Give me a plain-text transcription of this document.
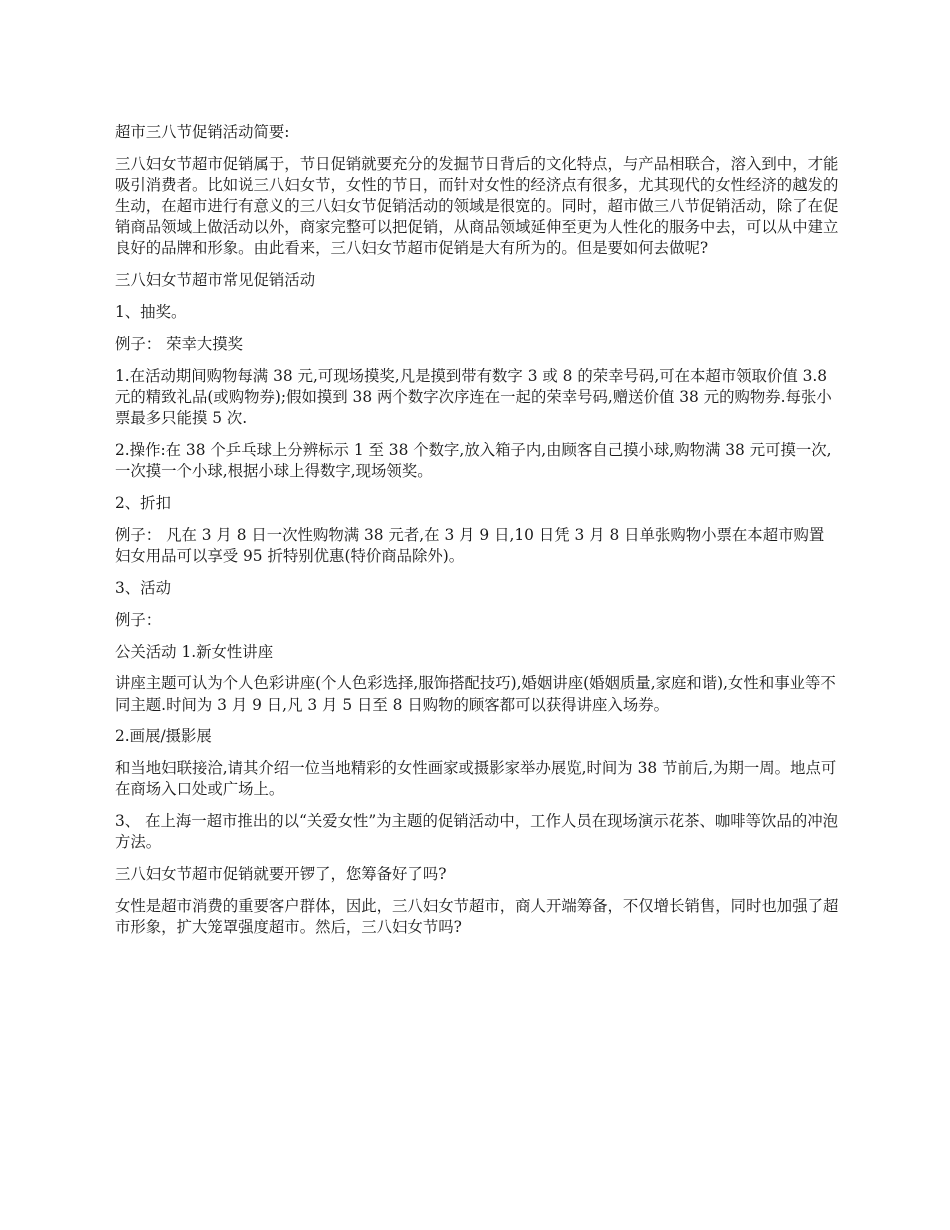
超市三八节促销活动简要:

三八妇女节超市促销属于，节日促销就要充分的发掘节日背后的文化特点，与产品相联合，溶入到中，才能吸引消费者。比如说三八妇女节，女性的节日，而针对女性的经济点有很多，尤其现代的女性经济的越发的生动，在超市进行有意义的三八妇女节促销活动的领域是很宽的。同时，超市做三八节促销活动，除了在促销商品领域上做活动以外，商家完整可以把促销，从商品领域延伸至更为人性化的服务中去，可以从中建立良好的品牌和形象。由此看来，三八妇女节超市促销是大有所为的。但是要如何去做呢?

三八妇女节超市常见促销活动

1、抽奖。

例子： 荣幸大摸奖

1.在活动期间购物每满 38 元,可现场摸奖,凡是摸到带有数字 3 或 8 的荣幸号码,可在本超市领取价值 3.8 元的精致礼品(或购物券);假如摸到 38 两个数字次序连在一起的荣幸号码,赠送价值 38 元的购物券.每张小票最多只能摸 5 次.

2.操作:在 38 个乒乓球上分辨标示 1 至 38 个数字,放入箱子内,由顾客自己摸小球,购物满 38 元可摸一次,一次摸一个小球,根据小球上得数字,现场领奖。

2、折扣

例子： 凡在 3 月 8 日一次性购物满 38 元者,在 3 月 9 日,10 日凭 3 月 8 日单张购物小票在本超市购置妇女用品可以享受 95 折特别优惠(特价商品除外)。

3、活动

例子：

公关活动 1.新女性讲座

讲座主题可认为个人色彩讲座(个人色彩选择,服饰搭配技巧),婚姻讲座(婚姻质量,家庭和谐),女性和事业等不同主题.时间为 3 月 9 日,凡 3 月 5 日至 8 日购物的顾客都可以获得讲座入场券。

2.画展/摄影展

和当地妇联接洽,请其介绍一位当地精彩的女性画家或摄影家举办展览,时间为 38 节前后,为期一周。地点可在商场入口处或广场上。

3、 在上海一超市推出的以“关爱女性”为主题的促销活动中，工作人员在现场演示花茶、咖啡等饮品的冲泡方法。

三八妇女节超市促销就要开锣了，您筹备好了吗?

女性是超市消费的重要客户群体，因此，三八妇女节超市，商人开端筹备，不仅增长销售，同时也加强了超市形象，扩大笼罩强度超市。然后，三八妇女节吗?
